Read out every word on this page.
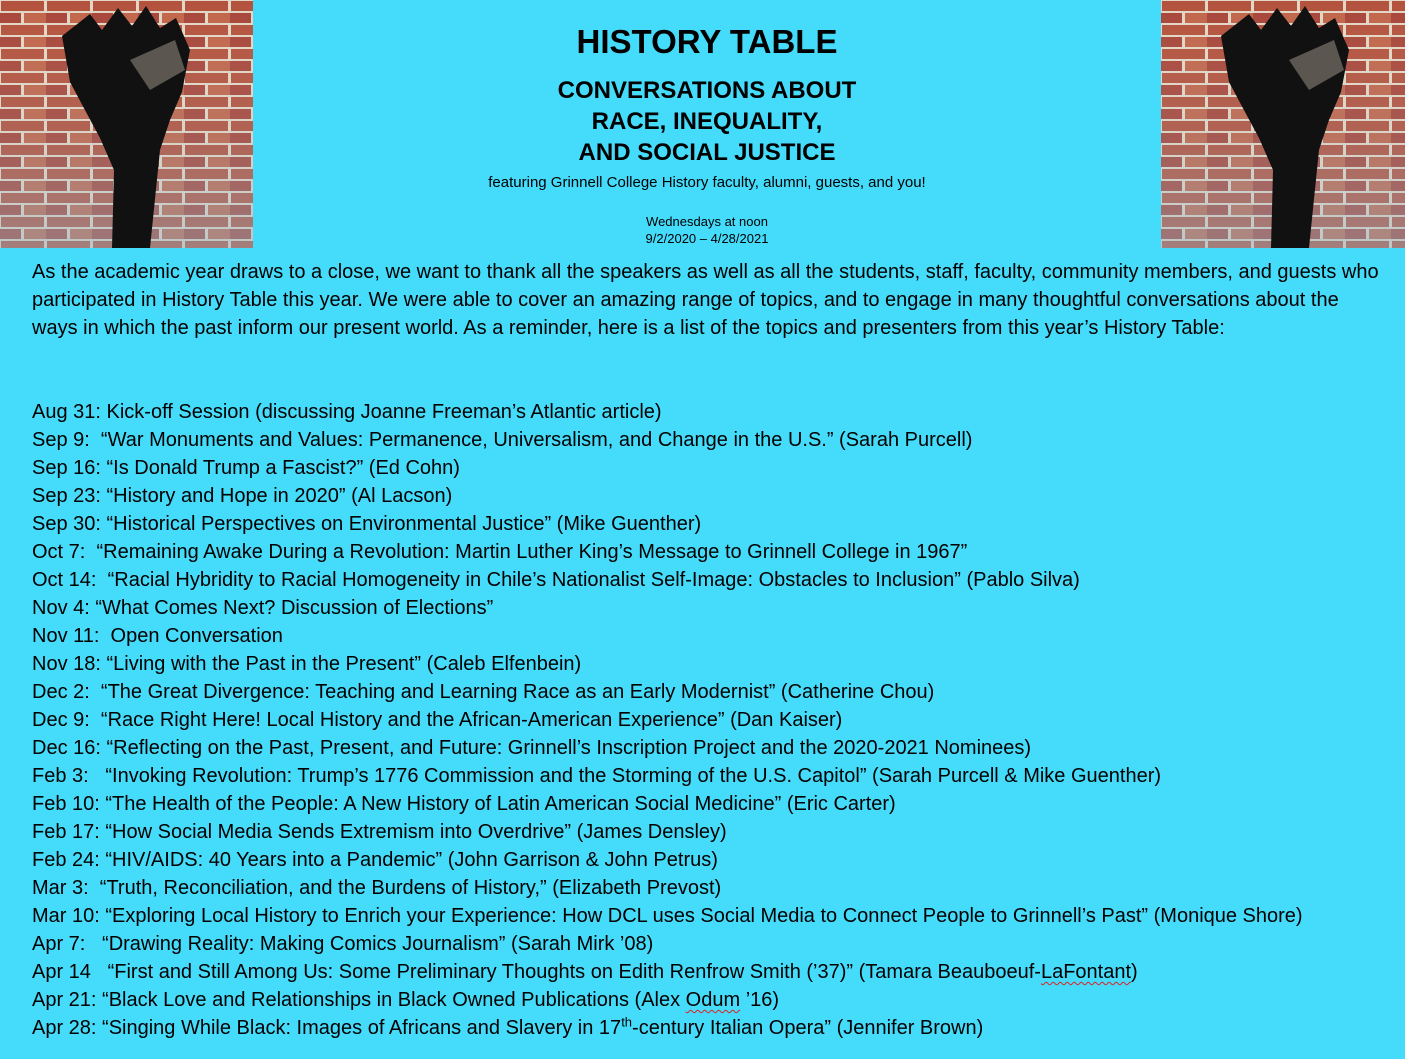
HISTORY TABLE
CONVERSATIONS ABOUT
RACE, INEQUALITY,
AND SOCIAL JUSTICE
featuring Grinnell College History faculty, alumni, guests, and you!
Wednesdays at noon
9/2/2020 – 4/28/2021

As the academic year draws to a close, we want to thank all the speakers as well as all the students, staff, faculty, community members, and guests who participated in History Table this year. We were able to cover an amazing range of topics, and to engage in many thoughtful conversations about the ways in which the past inform our present world. As a reminder, here is a list of the topics and presenters from this year’s History Table:

Aug 31: Kick-off Session (discussing Joanne Freeman’s Atlantic article)
Sep 9:  “War Monuments and Values: Permanence, Universalism, and Change in the U.S.” (Sarah Purcell)
Sep 16: “Is Donald Trump a Fascist?” (Ed Cohn)
Sep 23: “History and Hope in 2020” (Al Lacson)
Sep 30: “Historical Perspectives on Environmental Justice” (Mike Guenther)
Oct 7:  “Remaining Awake During a Revolution: Martin Luther King’s Message to Grinnell College in 1967”
Oct 14:  “Racial Hybridity to Racial Homogeneity in Chile’s Nationalist Self-Image: Obstacles to Inclusion” (Pablo Silva)
Nov 4: “What Comes Next? Discussion of Elections”
Nov 11:  Open Conversation
Nov 18: “Living with the Past in the Present” (Caleb Elfenbein)
Dec 2:  “The Great Divergence: Teaching and Learning Race as an Early Modernist” (Catherine Chou)
Dec 9:  “Race Right Here! Local History and the African-American Experience” (Dan Kaiser)
Dec 16: “Reflecting on the Past, Present, and Future: Grinnell’s Inscription Project and the 2020-2021 Nominees)
Feb 3:   “Invoking Revolution: Trump’s 1776 Commission and the Storming of the U.S. Capitol” (Sarah Purcell & Mike Guenther)
Feb 10: “The Health of the People: A New History of Latin American Social Medicine” (Eric Carter)
Feb 17: “How Social Media Sends Extremism into Overdrive” (James Densley)
Feb 24: “HIV/AIDS: 40 Years into a Pandemic” (John Garrison & John Petrus)
Mar 3:  “Truth, Reconciliation, and the Burdens of History,” (Elizabeth Prevost)
Mar 10: “Exploring Local History to Enrich your Experience: How DCL uses Social Media to Connect People to Grinnell’s Past” (Monique Shore)
Apr 7:   “Drawing Reality: Making Comics Journalism” (Sarah Mirk ’08)
Apr 14   “First and Still Among Us: Some Preliminary Thoughts on Edith Renfrow Smith (’37)” (Tamara Beauboeuf-LaFontant)
Apr 21: “Black Love and Relationships in Black Owned Publications (Alex Odum ’16)
Apr 28: “Singing While Black: Images of Africans and Slavery in 17th-century Italian Opera” (Jennifer Brown)
